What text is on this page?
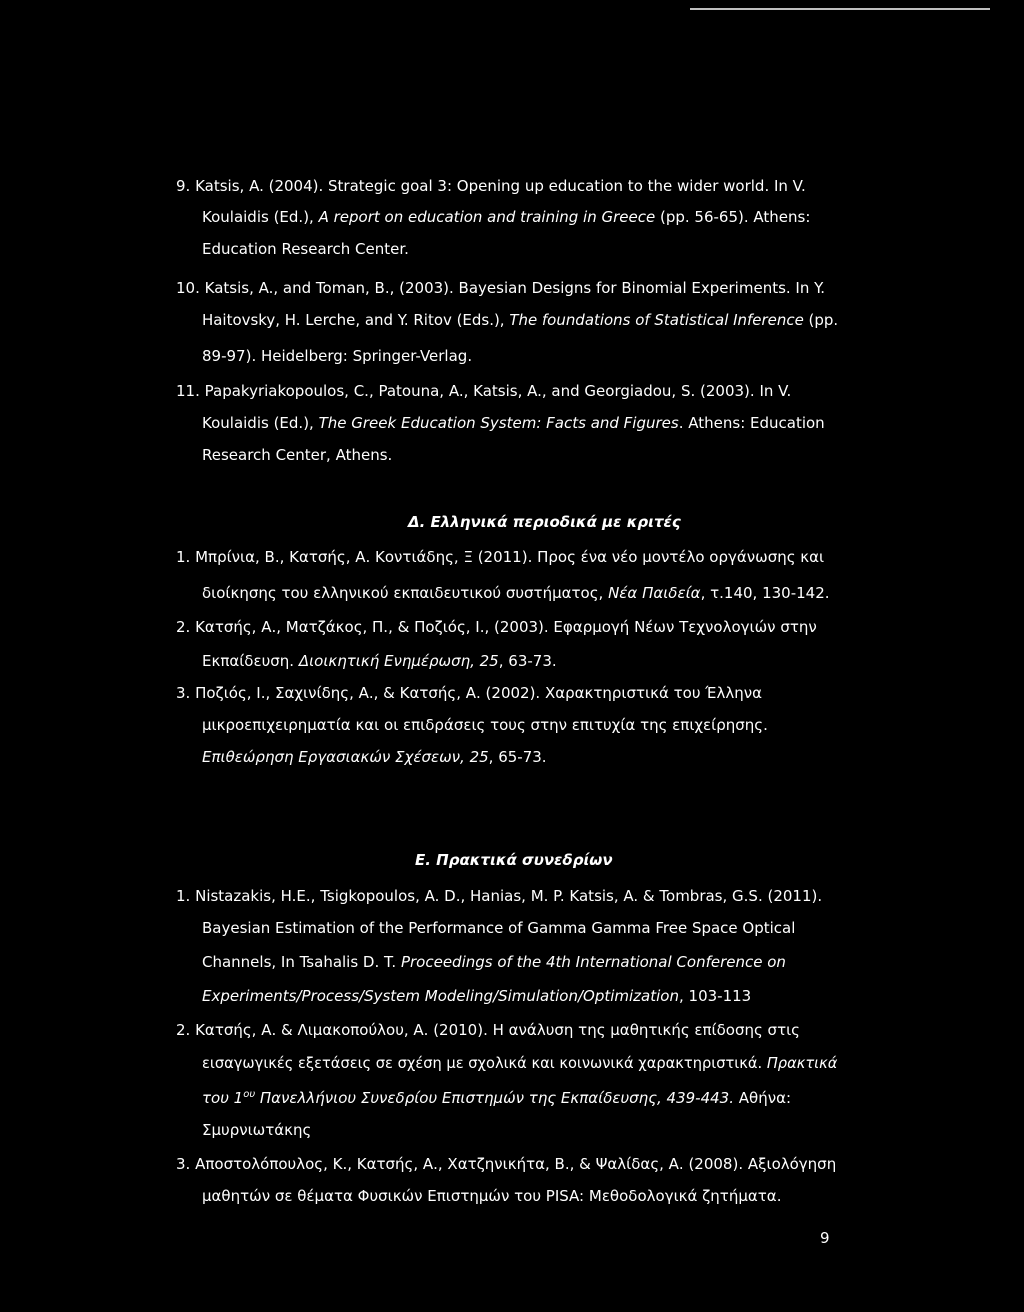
9. Katsis, A. (2004). Strategic goal 3: Opening up education to the wider world. In V.

Koulaidis (Ed.), A report on education and training in Greece (pp. 56-65). Athens:

Education Research Center.

10. Katsis, A., and Toman, B., (2003). Bayesian Designs for Binomial Experiments. In Y.

Haitovsky, H. Lerche, and Y. Ritov (Eds.), The foundations of Statistical Inference (pp.

89-97). Heidelberg: Springer-Verlag.

11. Papakyriakopoulos, C., Patouna, A., Katsis, A., and Georgiadou, S. (2003). In V.

Koulaidis (Ed.), The Greek Education System: Facts and Figures. Athens: Education

Research Center, Athens.

Δ. Ελληνικά περιοδικά με κριτές

1. Μπρίνια, Β., Κατσής, Α. Κοντιάδης, Ξ (2011). Προς ένα νέο μοντέλο οργάνωσης και

διοίκησης του ελληνικού εκπαιδευτικού συστήματος, Νέα Παιδεία, τ.140, 130-142.

2. Κατσής, Α., Ματζάκος, Π., & Ποζιός, Ι., (2003). Εφαρμογή Νέων Τεχνολογιών στην

Εκπαίδευση. Διοικητική Ενημέρωση, 25, 63-73.

3. Ποζιός, Ι., Σαχινίδης, Α., & Κατσής, Α. (2002). Χαρακτηριστικά του Έλληνα

μικροεπιχειρηματία και οι επιδράσεις τους στην επιτυχία της επιχείρησης.

Επιθεώρηση Εργασιακών Σχέσεων, 25, 65-73.

Ε. Πρακτικά συνεδρίων

1. Nistazakis, H.E., Tsigkopoulos, A. D., Hanias, M. P. Katsis, A. & Tombras, G.S. (2011).

Bayesian Estimation of the Performance of Gamma Gamma Free Space Optical

Channels, In Tsahalis D. T. Proceedings of the 4th International Conference on

Experiments/Process/System Modeling/Simulation/Optimization, 103-113

2. Κατσής, Α. & Λιμακοπούλου, Α. (2010). Η ανάλυση της μαθητικής επίδοσης στις

εισαγωγικές εξετάσεις σε σχέση με σχολικά και κοινωνικά χαρακτηριστικά. Πρακτικά

του $1^{o\upsilon}$ Πανελλήνιου Συνεδρίου Επιστημών της Εκπαίδευσης, 439-443. Αθήνα:

Σμυρνιωτάκης

3. Αποστολόπουλος, Κ., Κατσής, Α., Χατζηνικήτα, Β., & Ψαλίδας, Α. (2008). Αξιολόγηση

μαθητών σε θέματα Φυσικών Επιστημών του PISA: Μεθοδολογικά ζητήματα.

9
